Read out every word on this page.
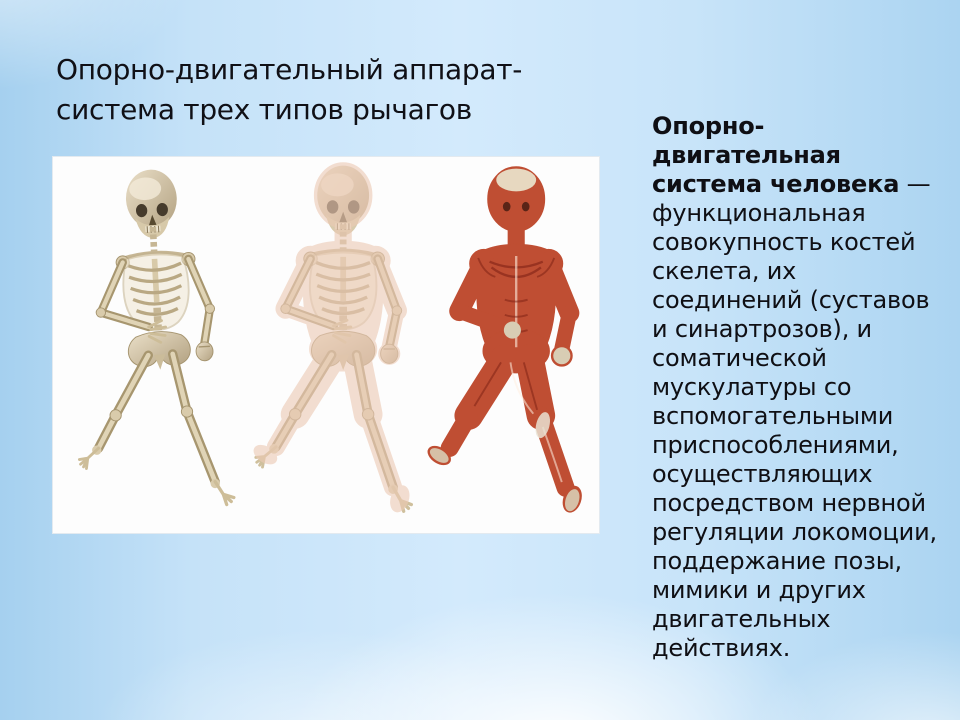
Опорно-двигательный аппарат-
система трех типов рычагов	Опорно-
двигательная
система человека —
функциональная
совокупность костей
скелета, их
соединений (суставов
и синартрозов), и
соматической
мускулатуры со
вспомогательными
приспособлениями,
осуществляющих
посредством нервной
регуляции локомоции,
поддержание позы,
мимики и других
двигательных
действиях.
